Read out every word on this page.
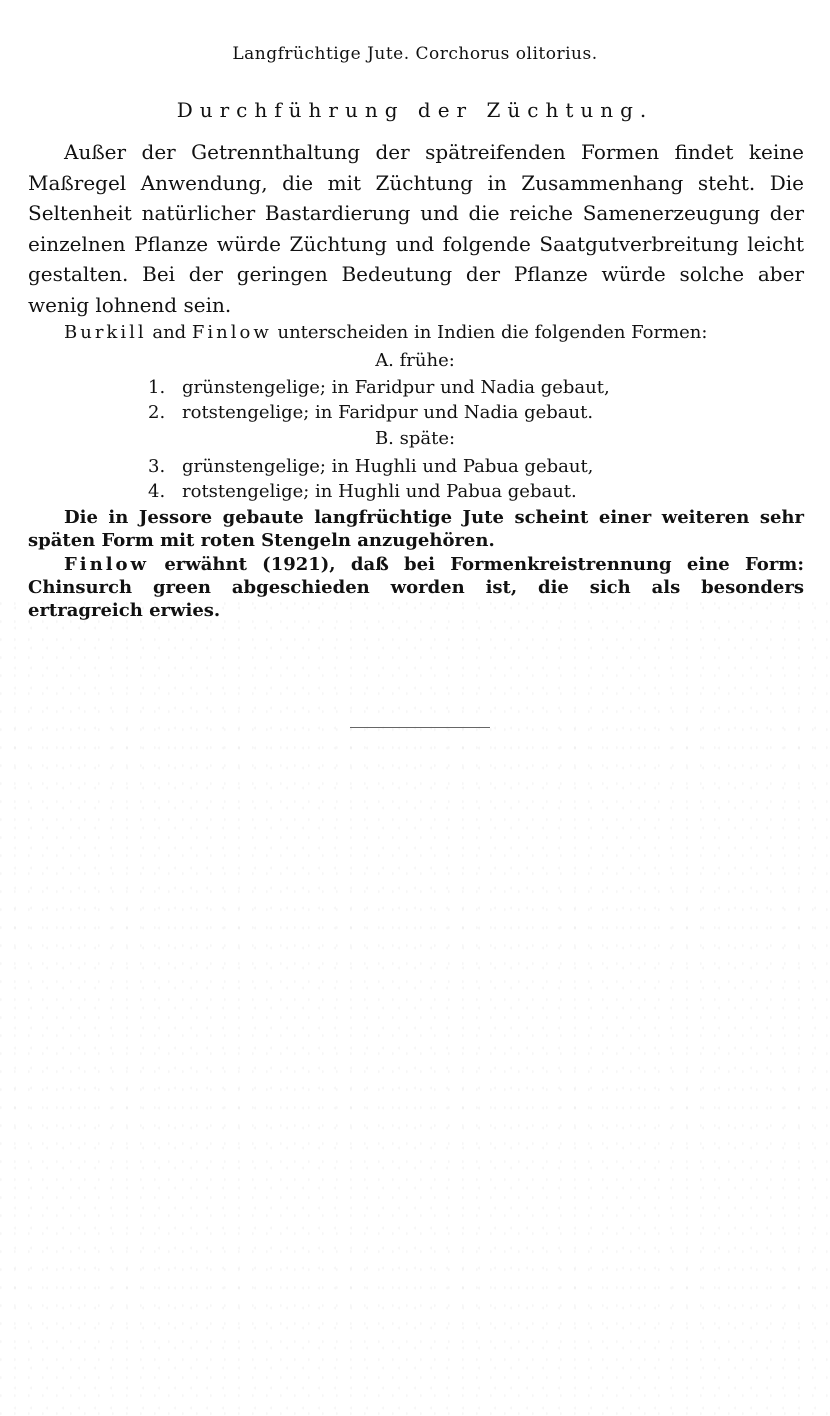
Langfrüchtige Jute. Corchorus olitorius.
Durchführung der Züchtung.

Außer der Getrennthaltung der spätreifenden Formen findet keine Maßregel Anwendung, die mit Züchtung in Zusammenhang steht. Die Seltenheit natürlicher Bastardierung und die reiche Samenerzeugung der einzelnen Pflanze würde Züchtung und folgende Saatgutverbreitung leicht gestalten. Bei der geringen Bedeutung der Pflanze würde solche aber wenig lohnend sein.

Burkill and Finlow unterscheiden in Indien die folgenden Formen:

A. frühe:
1. grünstengelige; in Faridpur und Nadia gebaut,
2. rotstengelige; in Faridpur und Nadia gebaut.
B. späte:
3. grünstengelige; in Hughli und Pabua gebaut,
4. rotstengelige; in Hughli und Pabua gebaut.

Die in Jessore gebaute langfrüchtige Jute scheint einer weiteren sehr späten Form mit roten Stengeln anzugehören.

Finlow erwähnt (1921), daß bei Formenkreistrennung eine Form: Chinsurch green abgeschieden worden ist, die sich als besonders ertragreich erwies.
